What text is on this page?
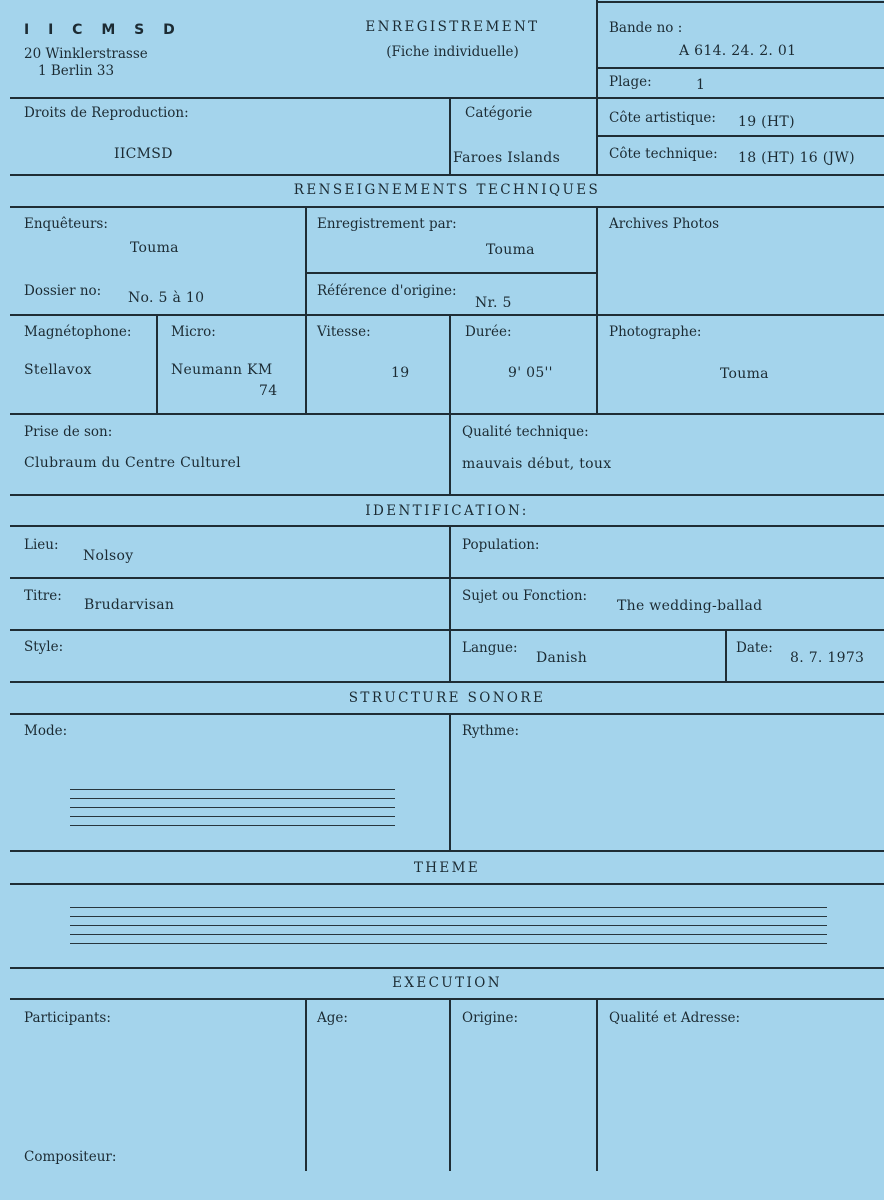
I I C M S D
20 Winklerstrasse
1 Berlin 33
ENREGISTREMENT
(Fiche individuelle)
Bande no :
A 614. 24. 2. 01
Plage:	1
Droits de Reproduction:
IICMSD
Catégorie
Faroes Islands
Côte artistique: 19 (HT)
Côte technique: 18 (HT) 16 (JW)
RENSEIGNEMENTS TECHNIQUES
Enquêteurs:
Touma
Enregistrement par:
Touma
Archives Photos
Dossier no: No. 5 à 10	Référence d'origine:
Nr. 5
Magnétophone:
Stellavox
Micro:
Neumann KM
74
Vitesse:
19
Durée:
9' 05''
Photographe:
Touma
Prise de son:
Clubraum du Centre Culturel
Qualité technique:
mauvais début, toux
IDENTIFICATION:
Lieu:
Nolsoy
Population:
Titre:
Brudarvisan
Sujet ou Fonction:
The wedding-ballad
Style:	Langue:
Danish
Date:
8. 7. 1973
STRUCTURE SONORE
Mode:	Rythme:
THEME
EXECUTION
Participants:	Age:	Origine:	Qualité et Adresse:
Compositeur:
